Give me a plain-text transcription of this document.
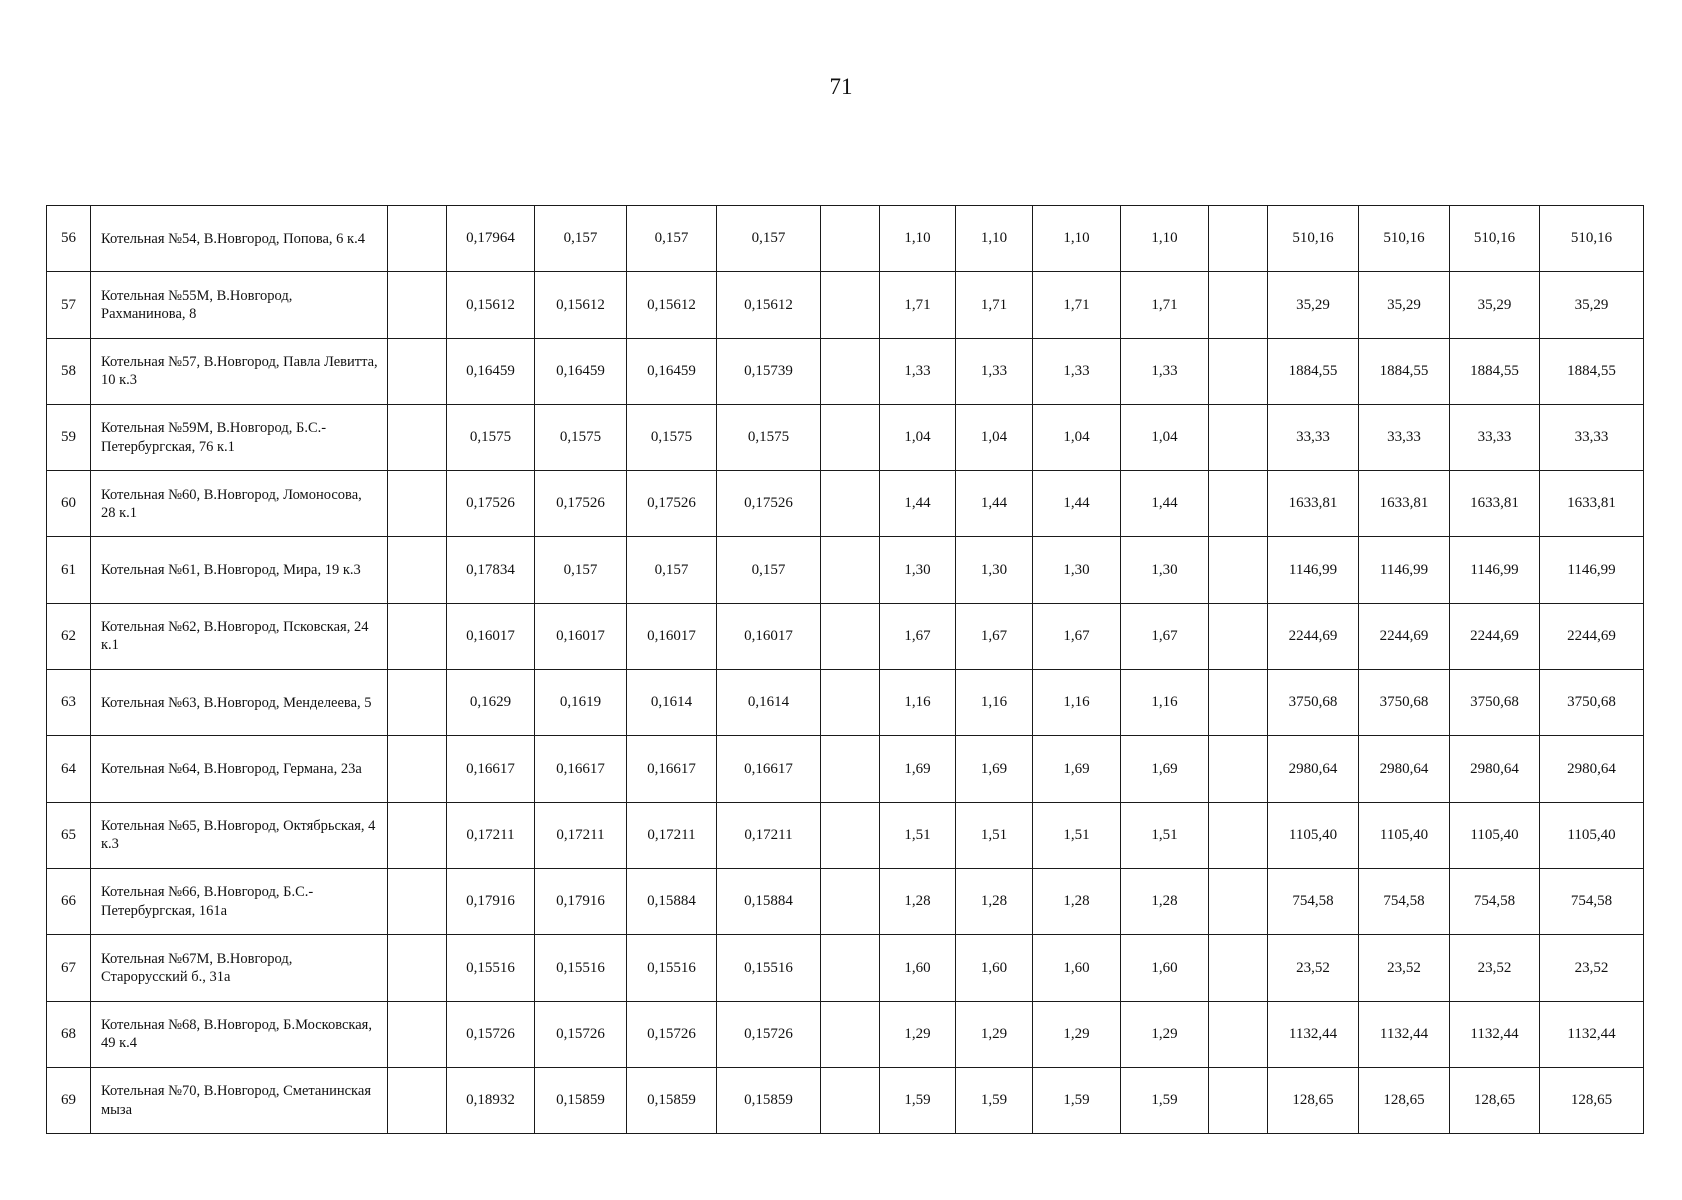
71
56	Котельная №54, В.Новгород, Попова, 6 к.4		0,17964	0,157	0,157	0,157		1,10	1,10	1,10	1,10		510,16	510,16	510,16	510,16
57	Котельная №55М, В.Новгород, Рахманинова, 8		0,15612	0,15612	0,15612	0,15612		1,71	1,71	1,71	1,71		35,29	35,29	35,29	35,29
58	Котельная №57, В.Новгород, Павла Левитта, 10 к.3		0,16459	0,16459	0,16459	0,15739		1,33	1,33	1,33	1,33		1884,55	1884,55	1884,55	1884,55
59	Котельная №59М, В.Новгород, Б.С.-Петербургская, 76 к.1		0,1575	0,1575	0,1575	0,1575		1,04	1,04	1,04	1,04		33,33	33,33	33,33	33,33
60	Котельная №60, В.Новгород, Ломоносова, 28 к.1		0,17526	0,17526	0,17526	0,17526		1,44	1,44	1,44	1,44		1633,81	1633,81	1633,81	1633,81
61	Котельная №61, В.Новгород, Мира, 19 к.3		0,17834	0,157	0,157	0,157		1,30	1,30	1,30	1,30		1146,99	1146,99	1146,99	1146,99
62	Котельная №62, В.Новгород, Псковская, 24 к.1		0,16017	0,16017	0,16017	0,16017		1,67	1,67	1,67	1,67		2244,69	2244,69	2244,69	2244,69
63	Котельная №63, В.Новгород, Менделеева, 5		0,1629	0,1619	0,1614	0,1614		1,16	1,16	1,16	1,16		3750,68	3750,68	3750,68	3750,68
64	Котельная №64, В.Новгород, Германа, 23а		0,16617	0,16617	0,16617	0,16617		1,69	1,69	1,69	1,69		2980,64	2980,64	2980,64	2980,64
65	Котельная №65, В.Новгород, Октябрьская, 4 к.3		0,17211	0,17211	0,17211	0,17211		1,51	1,51	1,51	1,51		1105,40	1105,40	1105,40	1105,40
66	Котельная №66, В.Новгород, Б.С.-Петербургская, 161а		0,17916	0,17916	0,15884	0,15884		1,28	1,28	1,28	1,28		754,58	754,58	754,58	754,58
67	Котельная №67М, В.Новгород, Старорусский б., 31а		0,15516	0,15516	0,15516	0,15516		1,60	1,60	1,60	1,60		23,52	23,52	23,52	23,52
68	Котельная №68, В.Новгород, Б.Московская, 49 к.4		0,15726	0,15726	0,15726	0,15726		1,29	1,29	1,29	1,29		1132,44	1132,44	1132,44	1132,44
69	Котельная №70, В.Новгород, Сметанинская мыза		0,18932	0,15859	0,15859	0,15859		1,59	1,59	1,59	1,59		128,65	128,65	128,65	128,65
